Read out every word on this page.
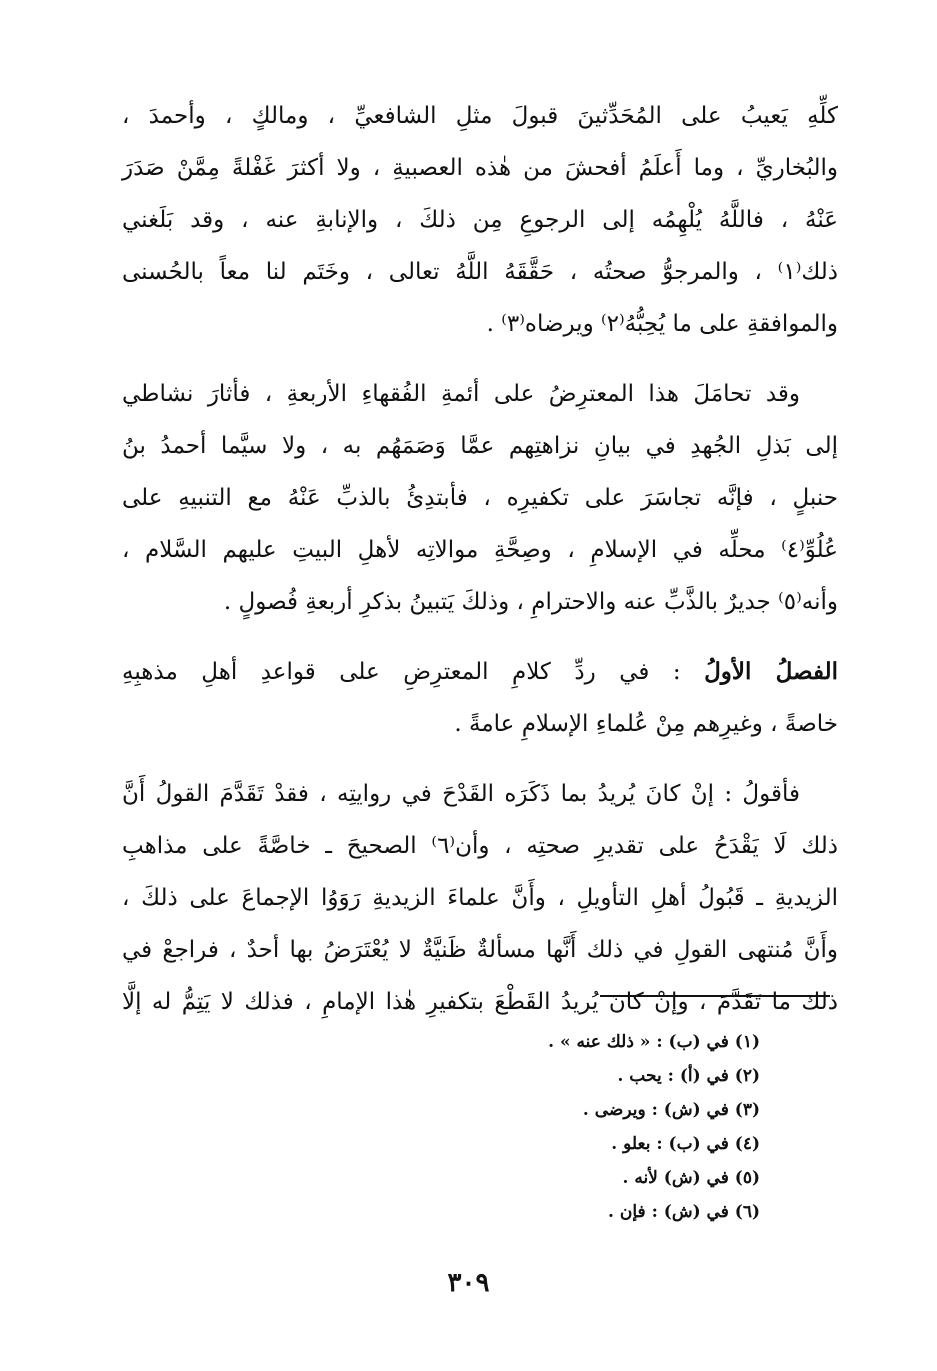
كلِّهِ يَعيبُ على المُحَدِّثينَ قبولَ مثلِ الشافعيِّ ، ومالكٍ ، وأحمدَ ،
والبُخاريِّ ، وما أَعلَمُ أفحشَ من هٰذه العصبيةِ ، ولا أكثرَ غَفْلةً مِمَّنْ صَدَرَ
عَنْهُ ، فاللَّهُ يُلْهِمُه إلى الرجوعِ مِن ذلكَ ، والإنابةِ عنه ، وقد بَلَغني
ذلك⁽١⁾ ، والمرجوُّ صحتُه ، حَقَّقَهُ اللَّهُ تعالى ، وخَتَم لنا معاً بالحُسنى
والموافقةِ على ما يُحِبُّهُ⁽٢⁾ ويرضاه⁽٣⁾ .
وقد تحامَلَ هذا المعترِضُ على أئمةِ الفُقهاءِ الأربعةِ ، فأثارَ نشاطي
إلى بَذلِ الجُهدِ في بيانِ نزاهتِهم عمَّا وَصَمَهُم به ، ولا سيَّما أحمدُ بنُ
حنبلٍ ، فإنَّه تجاسَرَ على تكفيرِه ، فأبتدِئُ بالذبِّ عَنْهُ مع التنبيهِ على
عُلُوِّ⁽٤⁾ محلِّه في الإسلامِ ، وصِحَّةِ موالاتِه لأهلِ البيتِ عليهم السَّلام ،
وأنه⁽٥⁾ جديرٌ بالذَّبِّ عنه والاحترامِ ، وذلكَ يَتبينُ بذكرِ أربعةِ فُصولٍ .
الفصلُ الأولُ : في ردِّ كلامِ المعترِضِ على قواعدِ أهلِ مذهبِهِ
خاصةً ، وغيرِهم مِنْ عُلماءِ الإسلامِ عامةً .
فأقولُ : إنْ كانَ يُريدُ بما ذَكَرَه القَدْحَ في روايتِه ، فقدْ تَقَدَّمَ القولُ أَنَّ
ذلك لَا يَقْدَحُ على تقديرِ صحتِه ، وأن⁽٦⁾ الصحيحَ ـ خاصَّةً على مذاهبِ
الزيديةِ ـ قَبُولُ أهلِ التأويلِ ، وأَنَّ علماءَ الزيديةِ رَوَوُا الإجماعَ على ذلكَ ،
وأَنَّ مُنتهى القولِ في ذلك أَنَّها مسألةٌ ظَنيَّةٌ لا يُعْتَرَضُ بها أحدٌ ، فراجعْ في
ذلك ما تَقَدَّمَ ، وإنْ كانَ يُريدُ القَطْعَ بتكفيرِ هٰذا الإمامِ ، فذلك لا يَتِمُّ له إلَّا
(١) في (ب) : « ذلك عنه » .
(٢) في (أ) : يحب .
(٣) في (ش) : ويرضى .
(٤) في (ب) : بعلو .
(٥) في (ش) لأنه .
(٦) في (ش) : فإن .
٣٠٩
